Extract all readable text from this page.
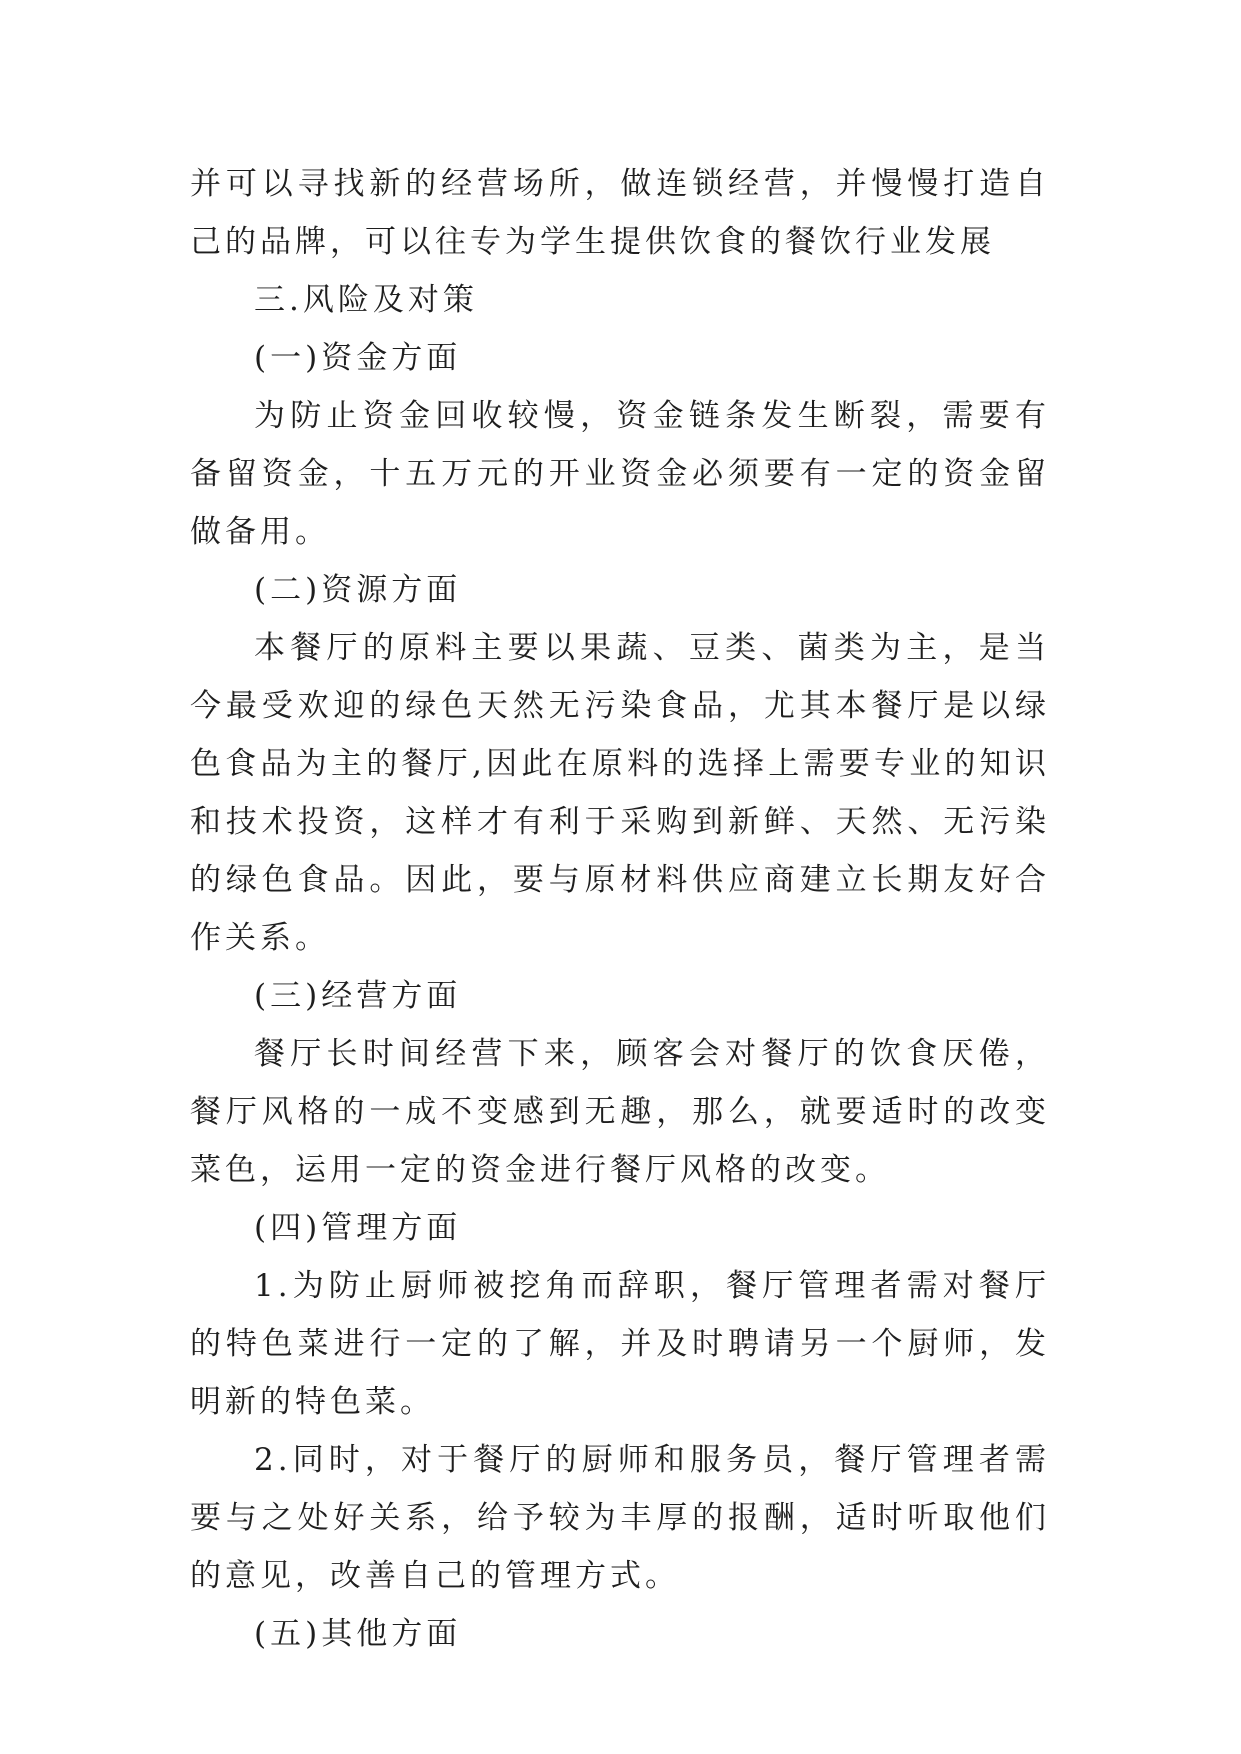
并可以寻找新的经营场所，做连锁经营，并慢慢打造自己的品牌，可以往专为学生提供饮食的餐饮行业发展

三.风险及对策

(一)资金方面

为防止资金回收较慢，资金链条发生断裂，需要有备留资金，十五万元的开业资金必须要有一定的资金留做备用。

(二)资源方面

本餐厅的原料主要以果蔬、豆类、菌类为主，是当今最受欢迎的绿色天然无污染食品，尤其本餐厅是以绿色食品为主的餐厅,因此在原料的选择上需要专业的知识和技术投资，这样才有利于采购到新鲜、天然、无污染的绿色食品。因此，要与原材料供应商建立长期友好合作关系。

(三)经营方面

餐厅长时间经营下来，顾客会对餐厅的饮食厌倦，餐厅风格的一成不变感到无趣，那么，就要适时的改变菜色，运用一定的资金进行餐厅风格的改变。

(四)管理方面

1.为防止厨师被挖角而辞职，餐厅管理者需对餐厅的特色菜进行一定的了解，并及时聘请另一个厨师，发明新的特色菜。

2.同时，对于餐厅的厨师和服务员，餐厅管理者需要与之处好关系，给予较为丰厚的报酬，适时听取他们的意见，改善自己的管理方式。

(五)其他方面
